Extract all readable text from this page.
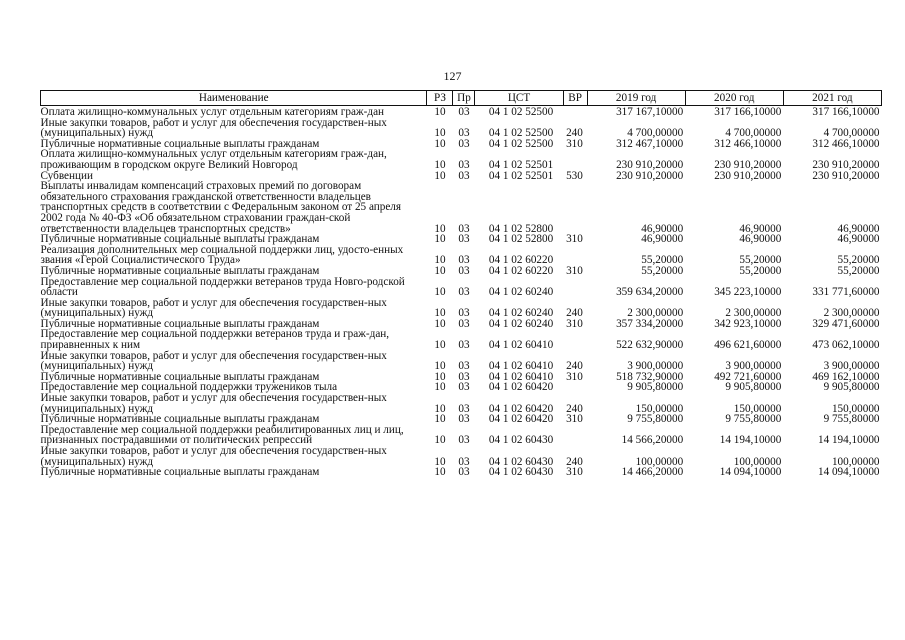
127
Наименование	РЗ	Пр	ЦСТ	ВР	2019 год	2020 год	2021 год
Оплата жилищно-коммунальных услуг отдельным категориям граж-дан	10	03	04 1 02 52500		317 167,10000	317 166,10000	317 166,10000
Иные закупки товаров, работ и услуг для обеспечения государствен-ных (муниципальных) нужд	10	03	04 1 02 52500	240	4 700,00000	4 700,00000	4 700,00000
Публичные нормативные социальные выплаты гражданам	10	03	04 1 02 52500	310	312 467,10000	312 466,10000	312 466,10000
Оплата жилищно-коммунальных услуг отдельным категориям граж-дан, проживающим в городском округе Великий Новгород	10	03	04 1 02 52501		230 910,20000	230 910,20000	230 910,20000
Субвенции	10	03	04 1 02 52501	530	230 910,20000	230 910,20000	230 910,20000
Выплаты инвалидам компенсаций страховых премий по договорам обязательного страхования гражданской ответственности владельцев транспортных средств в соответствии с Федеральным законом от 25 апреля 2002 года № 40-ФЗ «Об обязательном страховании граждан-ской ответственности владельцев транспортных средств»	10	03	04 1 02 52800		46,90000	46,90000	46,90000
Публичные нормативные социальные выплаты гражданам	10	03	04 1 02 52800	310	46,90000	46,90000	46,90000
Реализация дополнительных мер социальной поддержки лиц, удосто-енных звания «Герой Социалистического Труда»	10	03	04 1 02 60220		55,20000	55,20000	55,20000
Публичные нормативные социальные выплаты гражданам	10	03	04 1 02 60220	310	55,20000	55,20000	55,20000
Предоставление мер социальной поддержки ветеранов труда Новго-родской области	10	03	04 1 02 60240		359 634,20000	345 223,10000	331 771,60000
Иные закупки товаров, работ и услуг для обеспечения государствен-ных (муниципальных) нужд	10	03	04 1 02 60240	240	2 300,00000	2 300,00000	2 300,00000
Публичные нормативные социальные выплаты гражданам	10	03	04 1 02 60240	310	357 334,20000	342 923,10000	329 471,60000
Предоставление мер социальной поддержки ветеранов труда и граж-дан, приравненных к ним	10	03	04 1 02 60410		522 632,90000	496 621,60000	473 062,10000
Иные закупки товаров, работ и услуг для обеспечения государствен-ных (муниципальных) нужд	10	03	04 1 02 60410	240	3 900,00000	3 900,00000	3 900,00000
Публичные нормативные социальные выплаты гражданам	10	03	04 1 02 60410	310	518 732,90000	492 721,60000	469 162,10000
Предоставление мер социальной поддержки тружеников тыла	10	03	04 1 02 60420		9 905,80000	9 905,80000	9 905,80000
Иные закупки товаров, работ и услуг для обеспечения государствен-ных (муниципальных) нужд	10	03	04 1 02 60420	240	150,00000	150,00000	150,00000
Публичные нормативные социальные выплаты гражданам	10	03	04 1 02 60420	310	9 755,80000	9 755,80000	9 755,80000
Предоставление мер социальной поддержки реабилитированных лиц и лиц, признанных пострадавшими от политических репрессий	10	03	04 1 02 60430		14 566,20000	14 194,10000	14 194,10000
Иные закупки товаров, работ и услуг для обеспечения государствен-ных (муниципальных) нужд	10	03	04 1 02 60430	240	100,00000	100,00000	100,00000
Публичные нормативные социальные выплаты гражданам	10	03	04 1 02 60430	310	14 466,20000	14 094,10000	14 094,10000
